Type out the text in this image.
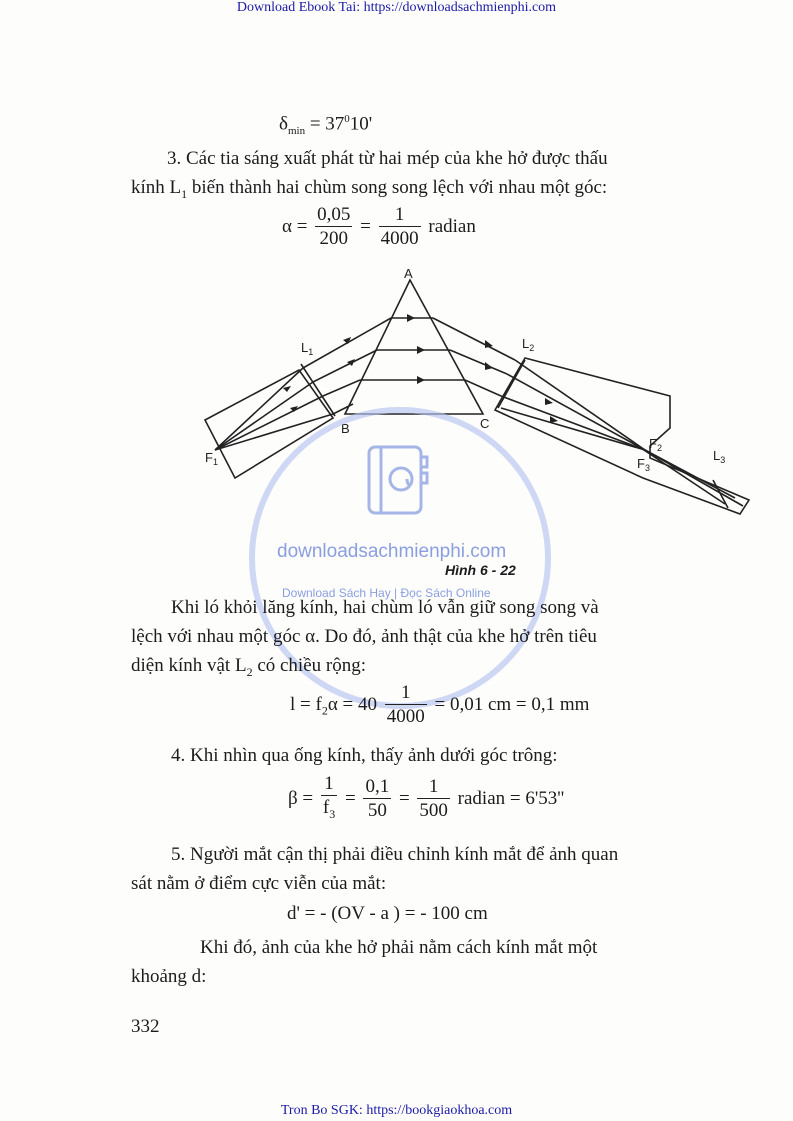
Download Ebook Tai: https://downloadsachmienphi.com
$\delta_{min} = 37^010'$
3. Các tia sáng xuất phát từ hai mép của khe hở được thấu
kính $L_1$ biến thành hai chùm song song lệch với nhau một góc:
$\alpha = \frac{0,05}{200} = \frac{1}{4000}$ radian
A
B	C
$F_1$
$L_1$
$L_2$
$F_2$
$F_3$
$L_3$
downloadsachmienphi.com
Download Sách Hay | Đọc Sách Online
Hình 6 - 22
Khi ló khỏi lăng kính, hai chùm ló vẫn giữ song song và
lệch với nhau một góc α. Do đó, ảnh thật của khe hở trên tiêu
diện kính vật $L_2$ có chiều rộng:
$l = f_2\alpha = 40 \frac{1}{4000} = 0,01$ cm = 0,1 mm
4. Khi nhìn qua ống kính, thấy ảnh dưới góc trông:
$\beta = \frac{1}{f_3} = \frac{0,1}{50} = \frac{1}{500}$ radian = 6'53''
5. Người mắt cận thị phải điều chỉnh kính mắt để ảnh quan
sát nằm ở điểm cực viễn của mắt:
d' = - (OV - a ) = - 100 cm
Khi đó, ảnh của khe hở phải nằm cách kính mắt một
khoảng d:
332
Tron Bo SGK: https://bookgiaokhoa.com
